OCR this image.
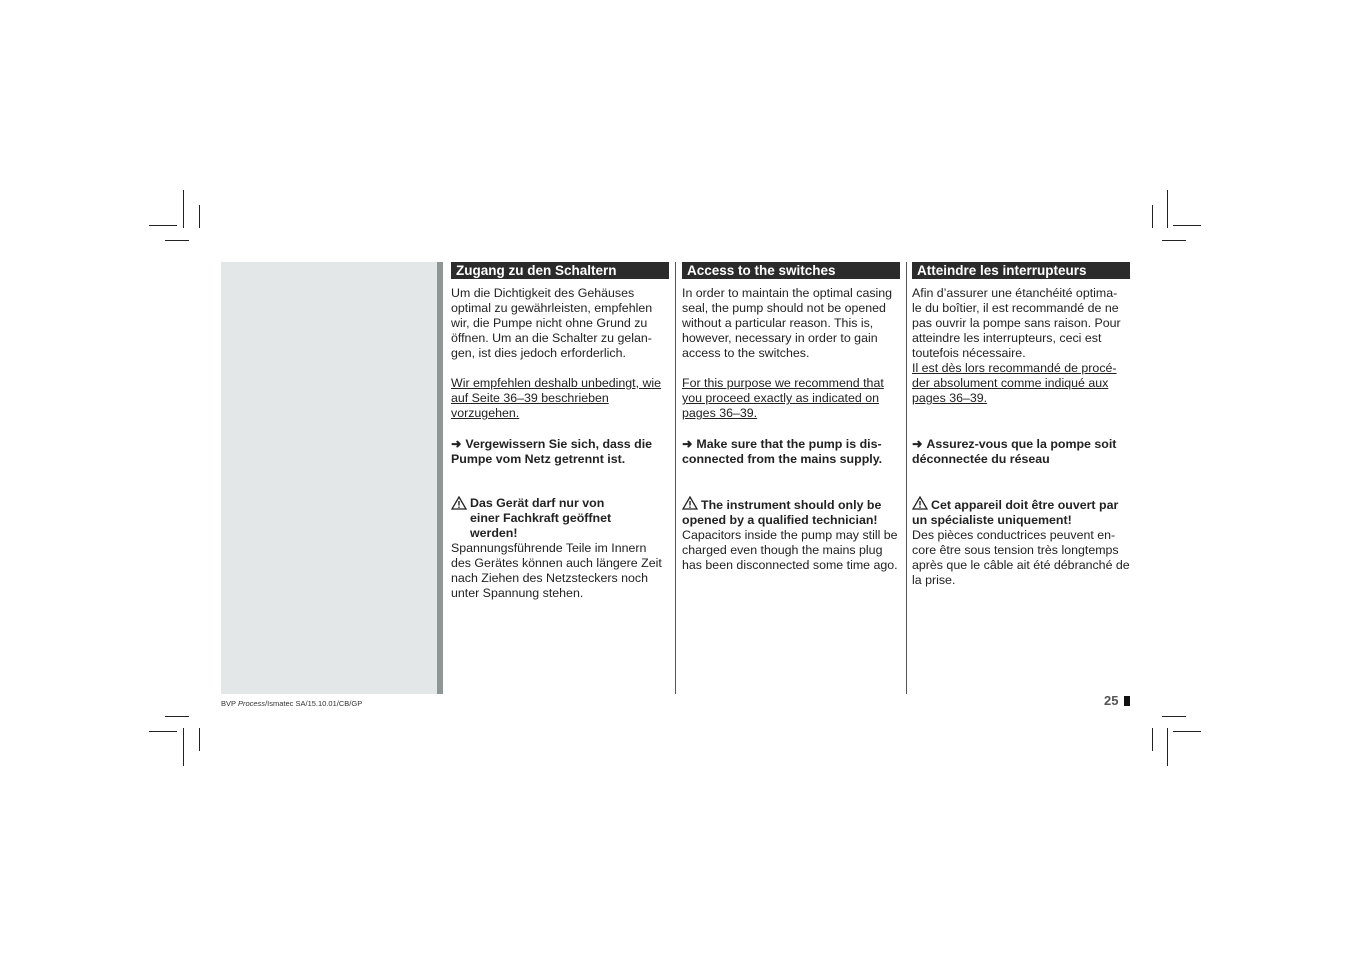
Zugang zu den Schaltern

Um die Dichtigkeit des Gehäuses optimal zu gewährleisten, empfehlen wir, die Pumpe nicht ohne Grund zu öffnen. Um an die Schalter zu gelan- gen, ist dies jedoch erforderlich.

Wir empfehlen deshalb unbedingt, wie auf Seite 36–39 beschrieben vorzugehen.

➜ Vergewissern Sie sich, dass die Pumpe vom Netz getrennt ist.

Das Gerät darf nur von einer Fachkraft geöffnet werden!
Spannungsführende Teile im Innern des Gerätes können auch längere Zeit nach Ziehen des Netzsteckers noch unter Spannung stehen.
Access to the switches

In order to maintain the optimal casing seal, the pump should not be opened without a particular reason. This is, however, necessary in order to gain access to the switches.

For this purpose we recommend that you proceed exactly as indicated on pages 36–39.

➜ Make sure that the pump is dis- connected from the mains supply.

The instrument should only be opened by a qualified technician!
Capacitors inside the pump may still be charged even though the mains plug has been disconnected some time ago.
Atteindre les interrupteurs

Afin d’assurer une étanchéité optima- le du boîtier, il est recommandé de ne pas ouvrir la pompe sans raison. Pour atteindre les interrupteurs, ceci est toutefois nécessaire.

Il est dès lors recommandé de procé- der absolument comme indiqué aux pages 36–39.

➜ Assurez-vous que la pompe soit déconnectée du réseau

Cet appareil doit être ouvert par un spécialiste uniquement!
Des pièces conductrices peuvent en- core être sous tension très longtemps après que le câble ait été débranché de la prise.
BVP Process/Ismatec SA/15.10.01/CB/GP	25
